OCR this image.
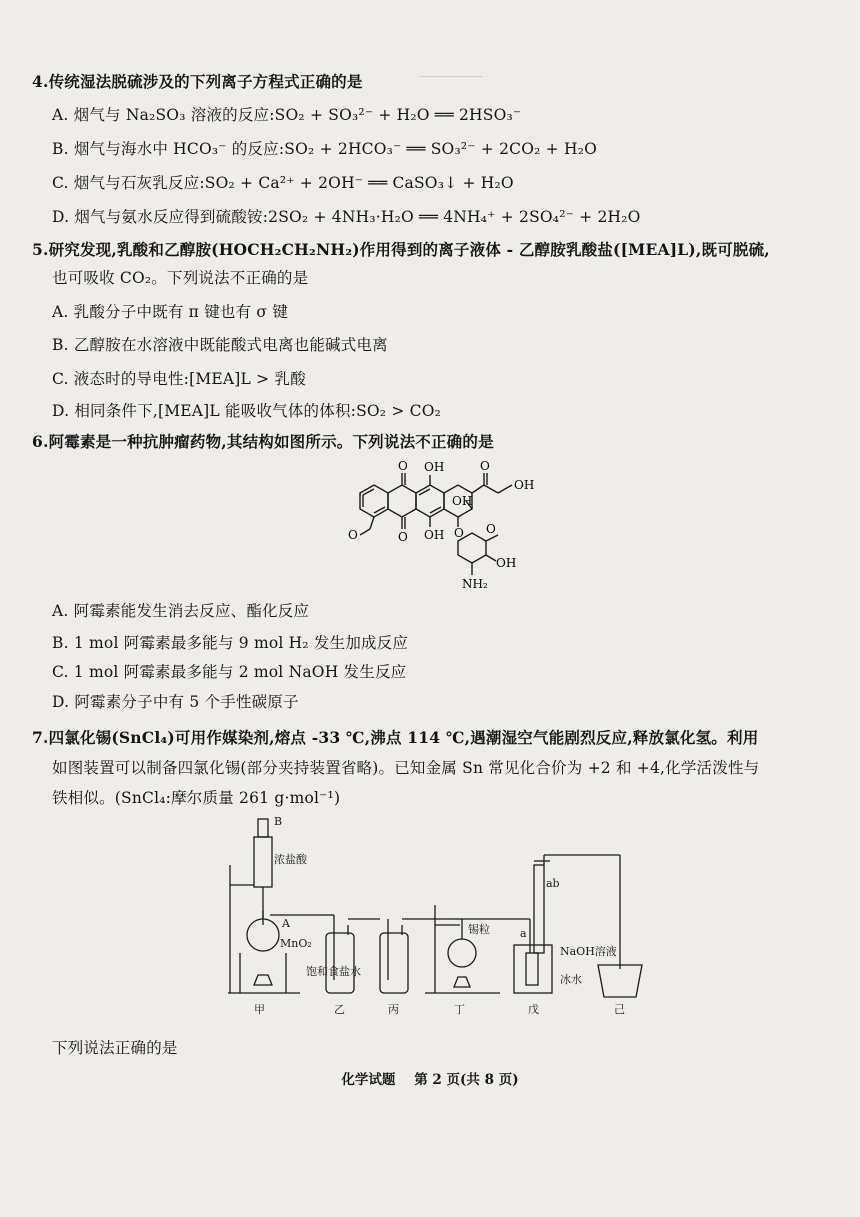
────────
4.传统湿法脱硫涉及的下列离子方程式正确的是
A. 烟气与 Na₂SO₃ 溶液的反应:SO₂ + SO₃²⁻ + H₂O ══ 2HSO₃⁻
B. 烟气与海水中 HCO₃⁻ 的反应:SO₂ + 2HCO₃⁻ ══ SO₃²⁻ + 2CO₂ + H₂O
C. 烟气与石灰乳反应:SO₂ + Ca²⁺ + 2OH⁻ ══ CaSO₃↓ + H₂O
D. 烟气与氨水反应得到硫酸铵:2SO₂ + 4NH₃·H₂O ══ 4NH₄⁺ + 2SO₄²⁻ + 2H₂O
5.研究发现,乳酸和乙醇胺(HOCH₂CH₂NH₂)作用得到的离子液体 - 乙醇胺乳酸盐([MEA]L),既可脱硫,
也可吸收 CO₂。下列说法不正确的是
A. 乳酸分子中既有 π 键也有 σ 键
B. 乙醇胺在水溶液中既能酸式电离也能碱式电离
C. 液态时的导电性:[MEA]L > 乳酸
D. 相同条件下,[MEA]L 能吸收气体的体积:SO₂ > CO₂
6.阿霉素是一种抗肿瘤药物,其结构如图所示。下列说法不正确的是
O
O
OH
OH
O
OH
OH
O	O O
OH
NH₂
A. 阿霉素能发生消去反应、酯化反应
B. 1 mol 阿霉素最多能与 9 mol H₂ 发生加成反应
C. 1 mol 阿霉素最多能与 2 mol NaOH 发生反应
D. 阿霉素分子中有 5 个手性碳原子
7.四氯化锡(SnCl₄)可用作媒染剂,熔点 -33 ℃,沸点 114 ℃,遇潮湿空气能剧烈反应,释放氯化氢。利用
如图装置可以制备四氯化锡(部分夹持装置省略)。已知金属 Sn 常见化合价为 +2 和 +4,化学活泼性与
铁相似。(SnCl₄:摩尔质量 261 g·mol⁻¹)
B
浓盐酸
A
MnO₂
饱和食盐水
锡粒
ab
a
NaOH溶液
冰水
甲	乙	丙	丁	戊	己
下列说法正确的是
化学试题 第 2 页(共 8 页)
